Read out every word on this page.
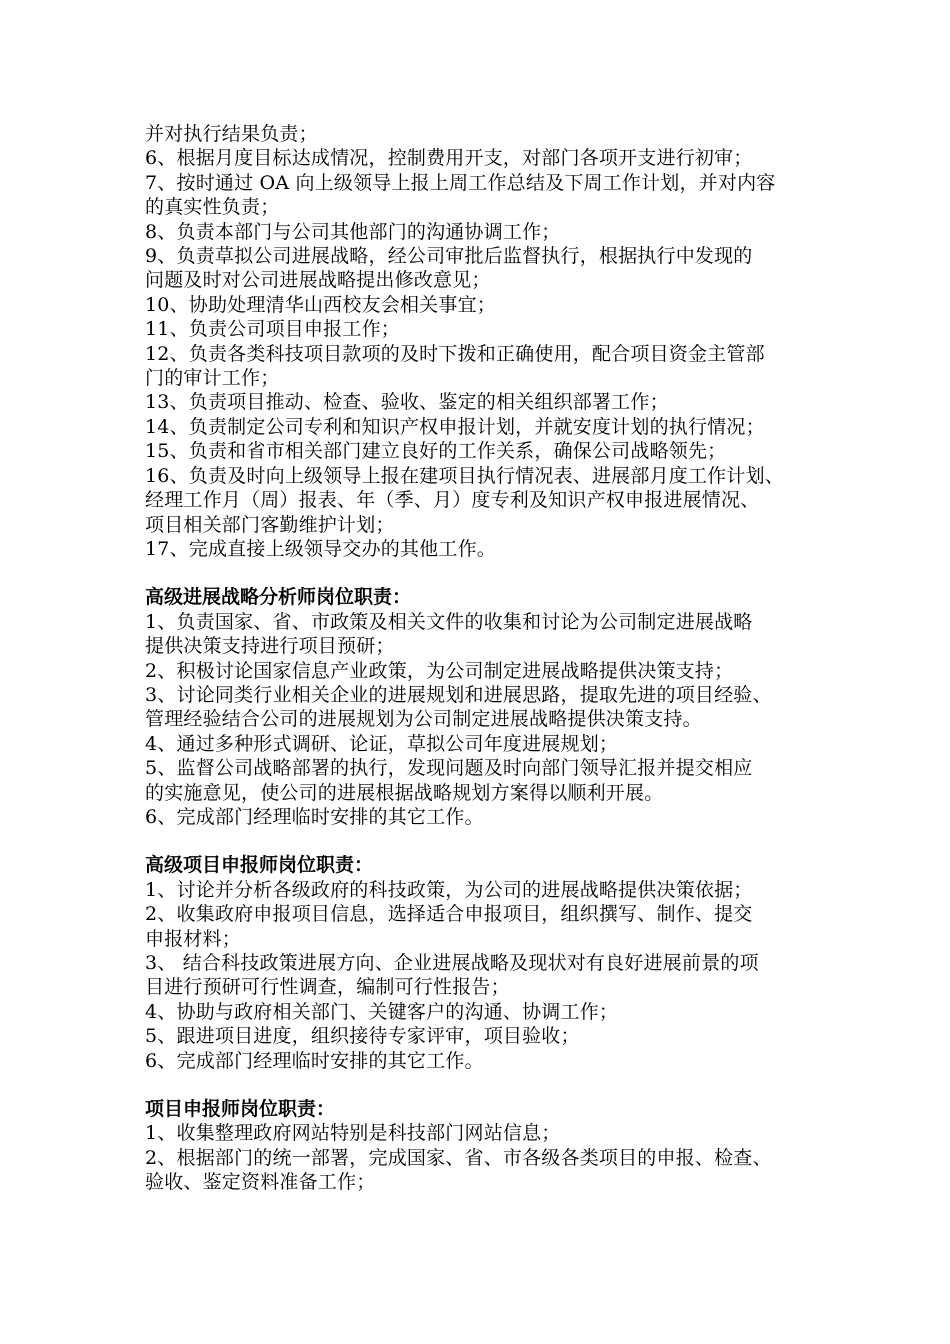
并对执行结果负责；
6、根据月度目标达成情况，控制费用开支，对部门各项开支进行初审；
7、按时通过 OA 向上级领导上报上周工作总结及下周工作计划，并对内容
的真实性负责；
8、负责本部门与公司其他部门的沟通协调工作；
9、负责草拟公司进展战略，经公司审批后监督执行，根据执行中发现的
问题及时对公司进展战略提出修改意见；
10、协助处理清华山西校友会相关事宜；
11、负责公司项目申报工作；
12、负责各类科技项目款项的及时下拨和正确使用，配合项目资金主管部
门的审计工作；
13、负责项目推动、检查、验收、鉴定的相关组织部署工作；
14、负责制定公司专利和知识产权申报计划，并就安度计划的执行情况；
15、负责和省市相关部门建立良好的工作关系，确保公司战略领先；
16、负责及时向上级领导上报在建项目执行情况表、进展部月度工作计划、
经理工作月（周）报表、年（季、月）度专利及知识产权申报进展情况、
项目相关部门客勤维护计划；
17、完成直接上级领导交办的其他工作。
高级进展战略分析师岗位职责：
1、负责国家、省、市政策及相关文件的收集和讨论为公司制定进展战略
提供决策支持进行项目预研；
2、积极讨论国家信息产业政策，为公司制定进展战略提供决策支持；
3、讨论同类行业相关企业的进展规划和进展思路，提取先进的项目经验、
管理经验结合公司的进展规划为公司制定进展战略提供决策支持。
4、通过多种形式调研、论证，草拟公司年度进展规划；
5、监督公司战略部署的执行，发现问题及时向部门领导汇报并提交相应
的实施意见，使公司的进展根据战略规划方案得以顺利开展。
6、完成部门经理临时安排的其它工作。
高级项目申报师岗位职责：
1、讨论并分析各级政府的科技政策，为公司的进展战略提供决策依据；
2、收集政府申报项目信息，选择适合申报项目，组织撰写、制作、提交
申报材料；
3、 结合科技政策进展方向、企业进展战略及现状对有良好进展前景的项
目进行预研可行性调查，编制可行性报告；
4、协助与政府相关部门、关键客户的沟通、协调工作；
5、跟进项目进度，组织接待专家评审，项目验收；
6、完成部门经理临时安排的其它工作。
项目申报师岗位职责：
1、收集整理政府网站特别是科技部门网站信息；
2、根据部门的统一部署，完成国家、省、市各级各类项目的申报、检查、
验收、鉴定资料准备工作；
